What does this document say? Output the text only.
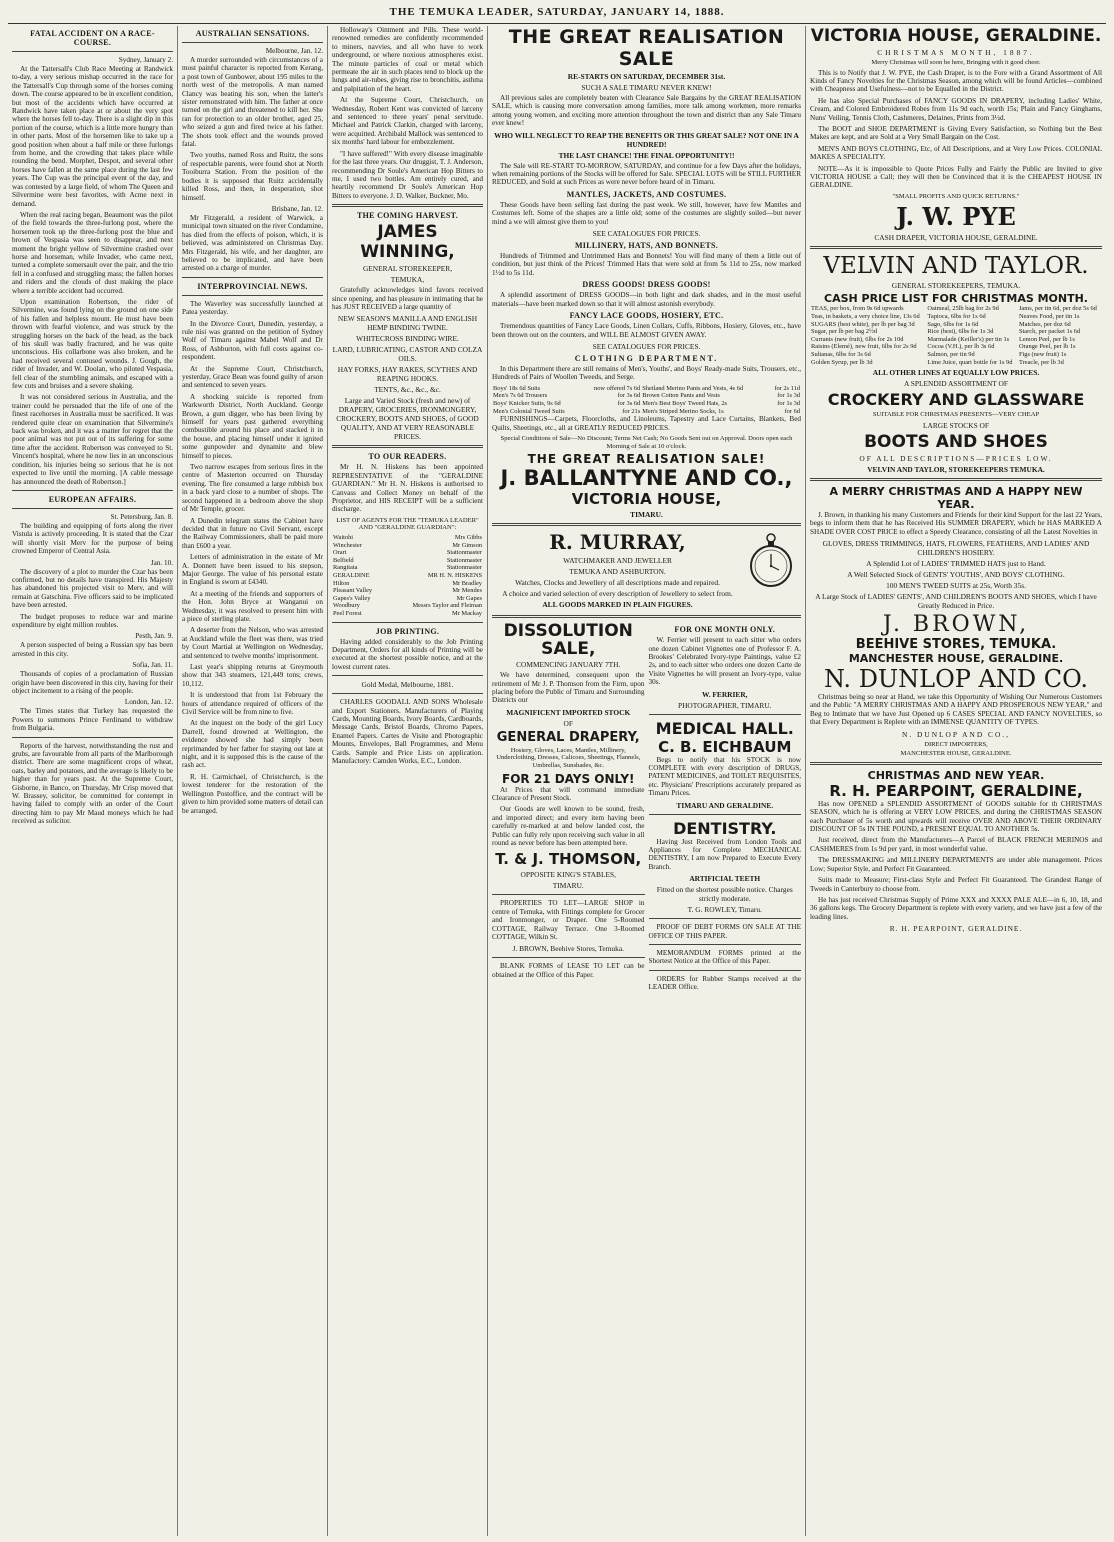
THE TEMUKA LEADER, SATURDAY, JANUARY 14, 1888.
FATAL ACCIDENT ON A RACE-COURSE.
Sydney, January 2.

At the Tattersall's Club Race Meeting at Randwick to-day, a very serious mishap occurred in the race for the Tattersall's Cup through some of the horses coming down. The course appeared to be in excellent condition, but most of the accidents which have occurred at Randwick have taken place at or about the very spot where the horses fell to-day. There is a slight dip in this portion of the course, which is a little more hungry than in other parts. Most of the horsemen like to take up a good position when about a half mile or three furlongs from home, and the crowding that takes place while rounding the bend. Morphet, Despot, and several other horses have fallen at the same place during the last few years. The Cup was the principal event of the day, and was contested by a large field, of whom The Queen and Silvermine were best favorites, with Acme next in demand.

When the real racing began, Beaumont was the pilot of the field towards the three-furlong post, where the horsemen took up the three-furlong post the blue and brown of Vespasia was seen to disappear, and next moment the bright yellow of Silvermine crashed over horse and horseman, while Invader, who came next, turned a complete somersault over the pair, and the trio fell in a confused and struggling mass; the fallen horses and riders and the clouds of dust making the place where a terrible accident had occurred.

Upon examination Robertson, the rider of Silvermine, was found lying on the ground on one side of his fallen and helpless mount. He must have been thrown with fearful violence, and was struck by the struggling horses on the back of the head, as the back of his skull was badly fractured, and he was quite unconscious. His collarbone was also broken, and he had received several contused wounds. J. Gough, the rider of Invader, and W. Doolan, who piloted Vespasia, fell clear of the stumbling animals, and escaped with a few cuts and bruises and a severe shaking.

It was not considered serious in Australia, and the trainer could be persuaded that the life of one of the finest racehorses in Australia must be sacrificed. It was rendered quite clear on examination that Silvermine's back was broken, and it was a matter for regret that the poor animal was not put out of its suffering for some time after the accident. Robertson was conveyed to St. Vincent's hospital, where he now lies in an unconscious condition, his injuries being so serious that he is not expected to live until the morning. [A cable message has announced the death of Robertson.]

EUROPEAN AFFAIRS.
St. Petersburg, Jan. 8.

The building and equipping of forts along the river Vistula is actively proceeding. It is stated that the Czar will shortly visit Merv for the purpose of being crowned Emperor of Central Asia.

Jan. 10.

The discovery of a plot to murder the Czar has been confirmed, but no details have transpired. His Majesty has abandoned his projected visit to Merv, and will remain at Gatschina. Five officers said to be implicated have been arrested.

The budget proposes to reduce war and marine expenditure by eight million roubles.

Pesth, Jan. 9.

A person suspected of being a Russian spy has been arrested in this city.

Sofia, Jan. 11.

Thousands of copies of a proclamation of Russian origin have been discovered in this city, having for their object incitement to a rising of the people.

London, Jan. 12.

The Times states that Turkey has requested the Powers to summons Prince Ferdinand to withdraw from Bulgaria.

Reports of the harvest, notwithstanding the rust and grubs, are favourable from all parts of the Marlborough district. There are some magnificent crops of wheat, oats, barley and potatoes, and the average is likely to be higher than for years past. At the Supreme Court, Gisborne, in Banco, on Thursday, Mr Crisp moved that W. Brassey, solicitor, be committed for contempt in having failed to comply with an order of the Court directing him to pay Mr Maud moneys which he had received as solicitor.

AUSTRALIAN SENSATIONS.
Melbourne, Jan. 12.

A murder surrounded with circumstances of a most painful character is reported from Kerang, a post town of Gunbower, about 195 miles to the north west of the metropolis. A man named Clancy was beating his son, when the latter's sister remonstrated with him. The father at once turned on the girl and threatened to kill her. She ran for protection to an older brother, aged 25, who seized a gun and fired twice at his father. The shots took effect and the wounds proved fatal.

Two youths, named Ross and Ruitz, the sons of respectable parents, were found shot at North Tooiburra Station. From the position of the bodies it is supposed that Ruitz accidentally killed Ross, and then, in desperation, shot himself.

Brisbane, Jan. 12.

Mr Fitzgerald, a resident of Warwick, a municipal town situated on the river Condamine, has died from the effects of poison, which, it is believed, was administered on Christmas Day. Mrs Fitzgerald, his wife, and her daughter, are believed to be implicated, and have been arrested on a charge of murder.

INTERPROVINCIAL NEWS.

The Waverley was successfully launched at Patea yesterday.

In the Divorce Court, Dunedin, yesterday, a rule nisi was granted on the petition of Sydney Wolf of Timaru against Mabel Wolf and Dr Ross, of Ashburton, with full costs against co-respondent.

At the Supreme Court, Christchurch, yesterday, Grace Bean was found guilty of arson and sentenced to seven years.

A shocking suicide is reported from Warkworth District, North Auckland. George Brown, a gum digger, who has been living by himself for years past gathered everything combustible around his place and stacked it in the house, and placing himself under it ignited some gunpowder and dynamite and blew himself to pieces.

Two narrow escapes from serious fires in the centre of Masterton occurred on Thursday evening. The fire consumed a large rubbish box in a back yard close to a number of shops. The second happened in a bedroom above the shop of Mr Temple, grocer.

A Dunedin telegram states the Cabinet have decided that in future no Civil Servant, except the Railway Commissioners, shall be paid more than £600 a year.

Letters of administration in the estate of Mr A. Donnett have been issued to his stepson, Major George. The value of his personal estate in England is sworn at £4340.

At a meeting of the friends and supporters of the Hon. John Bryce at Wanganui on Wednesday, it was resolved to present him with a piece of sterling plate.

A deserter from the Nelson, who was arrested at Auckland while the fleet was there, was tried by Court Martial at Wellington on Wednesday, and sentenced to twelve months' imprisonment.

Last year's shipping returns at Greymouth show that 343 steamers, 121,449 tons; crews, 10,112.

It is understood that from 1st February the hours of attendance required of officers of the Civil Service will be from nine to five.

At the inquest on the body of the girl Lucy Darrell, found drowned at Wellington, the evidence showed she had simply been reprimanded by her father for staying out late at night, and it is supposed this is the cause of the rash act.

R. H. Carmichael, of Christchurch, is the lowest tenderer for the restoration of the Wellington Postoffice, and the contract will be given to him provided some matters of detail can be arranged.

Holloway's Ointment and Pills. These world-renowned remedies are confidently recommended to miners, navvies, and all who have to work underground, or where noxious atmospheres exist. The minute particles of coal or metal which permeate the air in such places tend to block up the lungs and air-tubes, giving rise to bronchitis, asthma and palpitation of the heart.

At the Supreme Court, Christchurch, on Wednesday, Robert Kent was convicted of larceny and sentenced to three years' penal servitude. Michael and Patrick Clarkin, charged with larceny, were acquitted. Archibald Mallock was sentenced to six months' hard labour for embezzlement.

"I have suffered!" With every disease imaginable for the last three years. Our druggist, T. J. Anderson, recommending Dr Soule's American Hop Bitters to me, I used two bottles. Am entirely cured, and heartily recommend Dr Soule's American Hop Bitters to everyone. J. D. Walker, Buckner, Mo.

THE COMING HARVEST.
JAMES WINNING,
GENERAL STOREKEEPER,
TEMUKA,

Gratefully acknowledges kind favors received since opening, and has pleasure in intimating that he has JUST RECEIVED a large quantity of

NEW SEASON'S MANILLA AND ENGLISH HEMP BINDING TWINE.
WHITECROSS BINDING WIRE.
LARD, LUBRICATING, CASTOR AND COLZA OILS.
HAY FORKS, HAY RAKES, SCYTHES AND REAPING HOOKS.
TENTS, &c., &c., &c.
Large and Varied Stock (fresh and new) of DRAPERY, GROCERIES, IRONMONGERY, CROCKERY, BOOTS AND SHOES, of GOOD QUALITY, AND AT VERY REASONABLE PRICES.
TO OUR READERS.

Mr H. N. Hiskens has been appointed REPRESENTATIVE of the "GERALDINE GUARDIAN." Mr H. N. Hiskens is authorised to Canvass and Collect Money on behalf of the Proprietor, and HIS RECEIPT will be a sufficient discharge.

LIST OF AGENTS FOR THE "TEMUKA LEADER" AND "GERALDINE GUARDIAN":
Waitohi	Mrs Gibbs
Winchester	Mr Gimson
Orari	Stationmaster
Belfield	Stationmaster
Rangitata	Stationmaster
GERALDINE	MR H. N. HISKENS
Hilton	Mr Bradley
Pleasant Valley	Mr Mendes
Gapes's Valley	Mr Gapes
Woodbury	Messrs Taylor and Fleiman
Peel Forest	Mr Mackay
JOB PRINTING.

Having added considerably to the Job Printing Department, Orders for all kinds of Printing will be executed at the shortest possible notice, and at the lowest current rates.

Gold Medal, Melbourne, 1881.

CHARLES GOODALL AND SONS Wholesale and Export Stationers. Manufacturers of Playing Cards, Mounting Boards, Ivory Boards, Cardboards, Message Cards, Bristol Boards, Chromo Papers, Enamel Papers. Cartes de Visite and Photographic Mounts, Envelopes, Ball Programmes, and Menu Cards. Sample and Price Lists on application. Manufactory: Camden Works, E.C., London.

THE GREAT REALISATION SALE
RE-STARTS ON SATURDAY, DECEMBER 31st.
SUCH A SALE TIMARU NEVER KNEW!

All previous sales are completely beaten with Clearance Sale Bargains by the GREAT REALISATION SALE, which is causing more conversation among families, more talk among workmen, more remarks among young women, and exciting more attention throughout the town and district than any Sale Timaru ever knew!

WHO WILL NEGLECT TO REAP THE BENEFITS OR THIS GREAT SALE? NOT ONE IN A HUNDRED!
THE LAST CHANCE! THE FINAL OPPORTUNITY!!

The Sale will RE-START TO-MORROW, SATURDAY, and continue for a few Days after the holidays, when remaining portions of the Stocks will be offered for Sale. SPECIAL LOTS will be STILL FURTHER REDUCED, and Sold at such Prices as were never before heard of in Timaru.

MANTLES, JACKETS, AND COSTUMES.

These Goods have been selling fast during the past week. We still, however, have few Mantles and Costumes left. Some of the shapes are a little old; some of the costumes are slightly soiled—but never mind a we will almost give them to you!

SEE CATALOGUES FOR PRICES.
MILLINERY, HATS, AND BONNETS.

Hundreds of Trimmed and Untrimmed Hats and Bonnets! You will find many of them a little out of condition, but just think of the Prices! Trimmed Hats that were sold at from 5s 11d to 25s, now marked 1½d to 5s 11d.

DRESS GOODS! DRESS GOODS!

A splendid assortment of DRESS GOODS—in both light and dark shades, and in the most useful materials—have been marked down so that it will almost astonish everybody.

FANCY LACE GOODS, HOSIERY, ETC.

Tremendous quantities of Fancy Lace Goods, Linen Collars, Cuffs, Ribbons, Hosiery, Gloves, etc., have been thrown out on the counters, and WILL BE ALMOST GIVEN AWAY.

SEE CATALOGUES FOR PRICES.
CLOTHING DEPARTMENT.

In this Department there are still remains of Men's, Youths', and Boys' Ready-made Suits, Trousers, etc., Hundreds of Pairs of Woollen Tweeds, and Serge.

Boys' 18s 6d Suits	now offered 7s 6d	Shetland Merino Pants and Vests, 4s 6d	for 2s 11d
Men's 7s 6d Trousers	for 3s 6d	Brown Cotton Pants and Vests	for 1s 3d
Boys' Knicker Suits, 9s 6d	for 3s 6d	Men's Best Boys' Tweed Hats, 2s	for 1s 3d
Men's Colonial Tweed Suits	for 21s	Men's Striped Merino Socks, 1s	for 6d

FURNISHINGS—Carpets, Floorcloths, and Linoleums, Tapestry and Lace Curtains, Blankets, Bed Quilts, Sheetings, etc., all at GREATLY REDUCED PRICES.

Special Conditions of Sale—No Discount; Terms Net Cash; No Goods Sent out on Approval. Doors open each Morning of Sale at 10 o'clock.
THE GREAT REALISATION SALE!
J. BALLANTYNE AND CO.,
VICTORIA HOUSE,
TIMARU.
R. MURRAY,
WATCHMAKER AND JEWELLER
TEMUKA AND ASHBURTON.
Watches, Clocks and Jewellery of all descriptions made and repaired.
A choice and varied selection of every description of Jewellery to select from.
ALL GOODS MARKED IN PLAIN FIGURES.
DISSOLUTION SALE,
COMMENCING JANUARY 7TH.

We have determined, consequent upon the retirement of Mr J. P. Thomson from the Firm, upon placing before the Public of Timaru and Surrounding Districts our

MAGNIFICENT IMPORTED STOCK
OF
GENERAL DRAPERY,
Hosiery, Gloves, Laces, Mantles, Millinery, Underclothing, Dresses, Calicoes, Sheetings, Flannels, Umbrellas, Sunshades, &c.
FOR 21 DAYS ONLY!

At Prices that will command immediate Clearance of Present Stock.

Our Goods are well known to be sound, fresh, and imported direct; and every item having been carefully re-marked at and below landed cost, the Public can fully rely upon receiving such value in all round as never before has been attempted here.

T. & J. THOMSON,
OPPOSITE KING'S STABLES,
TIMARU.

PROPERTIES TO LET—LARGE SHOP in centre of Temuka, with Fittings complete for Grocer and Ironmonger, or Draper. One 5-Roomed COTTAGE, Railway Terrace. One 3-Roomed COTTAGE, Wilkin St.

J. BROWN, Beehive Stores, Temuka.

BLANK FORMS of LEASE TO LET can be obtained at the Office of this Paper.

FOR ONE MONTH ONLY.

W. Ferrier will present to each sitter who orders one dozen Cabinet Vignettes one of Professor F. A. Brookes' Celebrated Ivory-type Paintings, value £2 2s, and to each sitter who orders one dozen Carte de Visite Vignettes he will present an Ivory-type, value 30s.

W. FERRIER,
PHOTOGRAPHER, TIMARU.
MEDICAL HALL.
C. B. EICHBAUM

Begs to notify that his STOCK is now COMPLETE with every description of DRUGS, PATENT MEDICINES, and TOILET REQUISITES, etc. Physicians' Prescriptions accurately prepared as Timaru Prices.

TIMARU AND GERALDINE.
DENTISTRY.

Having Just Received from London Tools and Appliances for Complete MECHANICAL DENTISTRY, I am now Prepared to Execute Every Branch.

ARTIFICIAL TEETH
Fitted on the shortest possible notice. Charges strictly moderate.
T. G. ROWLEY, Timaru.

PROOF OF DEBT FORMS ON SALE AT THE OFFICE OF THIS PAPER.

MEMORANDUM FORMS printed at the Shortest Notice at the Office of this Paper.

ORDERS for Rubber Stamps received at the LEADER Office.

VICTORIA HOUSE, GERALDINE.
CHRISTMAS MONTH, 1887.
Merry Christmas will soon be here, Bringing with it good cheer.

This is to Notify that J. W. PYE, the Cash Draper, is to the Fore with a Grand Assortment of All Kinds of Fancy Novelties for the Christmas Season, among which will be found Articles—combined with Cheapness and Usefulness—not to be Equalled in the District.

He has also Special Purchases of FANCY GOODS IN DRAPERY, including Ladies' White, Cream, and Colored Embroidered Robes from 11s 9d each, worth 15s; Plain and Fancy Ginghams, Nuns' Veiling, Tennis Cloth, Cashmeres, Delaines, Prints from 3½d.

The BOOT and SHOE DEPARTMENT is Giving Every Satisfaction, so Nothing but the Best Makes are kept, and are Sold at a Very Small Bargain on the Cost.

MEN'S AND BOYS CLOTHING, Etc, of All Descriptions, and at Very Low Prices. COLONIAL MAKES A SPECIALITY.

NOTE—As it is impossible to Quote Prices Fully and Fairly the Public are Invited to give VICTORIA HOUSE a Call; they will then be Convinced that it is the CHEAPEST HOUSE IN GERALDINE.

"SMALL PROFITS AND QUICK RETURNS."
J. W. PYE
CASH DRAPER, VICTORIA HOUSE, GERALDINE.
VELVIN AND TAYLOR.
GENERAL STOREKEEPERS, TEMUKA.
CASH PRICE LIST FOR CHRISTMAS MONTH.
TEAS, per box, from 9s 6d upwards	Oatmeal, 25lb bag for 2s 9d	Jams, per tin 6d, per doz 5s 6d
Teas, in baskets, a very choice line, 13s 6d	Tapioca, 6lbs for 1s 6d	Neaves Food, per tin 1s
SUGARS (best white), per lb per bag 3d	Sago, 6lbs for 1s 6d	Matches, per doz 6d
Sugar, per lb per bag 2½d	Rice (best), 6lbs for 1s 3d	Starch, per packet 1s 6d
Currants (new fruit), 6lbs for 2s 10d	Marmalade (Keiller's) per tin 1s	Lemon Peel, per lb 1s
Raisins (Elemé), new fruit, 6lbs for 2s 9d	Cocoa (V.H.), per lb 3s 6d	Orange Peel, per lb 1s
Sultanas, 6lbs for 3s 6d	Salmon, per tin 9d	Figs (new fruit) 1s
Golden Syrup, per lb 3d	Lime Juice, quart bottle for 1s 9d	Treacle, per lb 3d
ALL OTHER LINES AT EQUALLY LOW PRICES.
A SPLENDID ASSORTMENT OF
CROCKERY AND GLASSWARE
SUITABLE FOR CHRISTMAS PRESENTS—VERY CHEAP
LARGE STOCKS OF
BOOTS AND SHOES
OF ALL DESCRIPTIONS—PRICES LOW.
VELVIN AND TAYLOR, STOREKEEPERS TEMUKA.
A MERRY CHRISTMAS AND A HAPPY NEW YEAR.

J. Brown, in thanking his many Customers and Friends for their kind Support for the last 22 Years, begs to inform them that he has Received His SUMMER DRAPERY, which he HAS MARKED A SHADE OVER COST PRICE to effect a Speedy Clearance, consisting of all the Latest Novelties in

GLOVES, DRESS TRIMMINGS, HATS, FLOWERS, FEATHERS, AND LADIES' AND CHILDREN'S HOSIERY.
A Splendid Lot of LADIES' TRIMMED HATS just to Hand.
A Well Selected Stock of GENTS' YOUTHS', AND BOYS' CLOTHING.
100 MEN'S TWEED SUITS at 25s, Worth 35s.
A Large Stock of LADIES' GENTS', AND CHILDREN'S BOOTS AND SHOES, which I have Greatly Reduced in Price.
J. BROWN,
BEEHIVE STORES, TEMUKA.
MANCHESTER HOUSE, GERALDINE.
N. DUNLOP AND CO.

Christmas being so near at Hand, we take this Opportunity of Wishing Our Numerous Customers and the Public "A MERRY CHRISTMAS AND A HAPPY AND PROSPEROUS NEW YEAR," and Beg to Intimate that we have Just Opened up 6 CASES SPECIAL AND FANCY NOVELTIES, so that Every Department is Replete with an IMMENSE QUANTITY OF TYPES.

N. DUNLOP AND CO.,
DIRECT IMPORTERS,
MANCHESTER HOUSE, GERALDINE.
CHRISTMAS AND NEW YEAR.
R. H. PEARPOINT, GERALDINE,

Has now OPENED a SPLENDID ASSORTMENT of GOODS suitable for th CHRISTMAS SEASON, which he is offering at VERY LOW PRICES, and during the CHRISTMAS SEASON each Purchaser of 5s worth and upwards will receive OVER AND ABOVE THEIR ORDINARY DISCOUNT OF 5s IN THE POUND, a PRESENT EQUAL TO ANOTHER 5s.

Just received, direct from the Manufacturers—A Parcel of BLACK FRENCH MERINOS and CASHMERES from 1s 9d per yard, in most wonderful value.

The DRESSMAKING and MILLINERY DEPARTMENTS are under able management. Prices Low; Superior Style, and Perfect Fit Guaranteed.

Suits made to Measure; First-class Style and Perfect Fit Guaranteed. The Grandest Range of Tweeds in Canterbury to choose from.

He has just received Christmas Supply of Prime XXX and XXXX PALE ALE—in 6, 10, 18, and 36 gallons kegs. The Grocery Department is replete with every variety, and we have just a few of the leading lines.

R. H. PEARPOINT, GERALDINE.
